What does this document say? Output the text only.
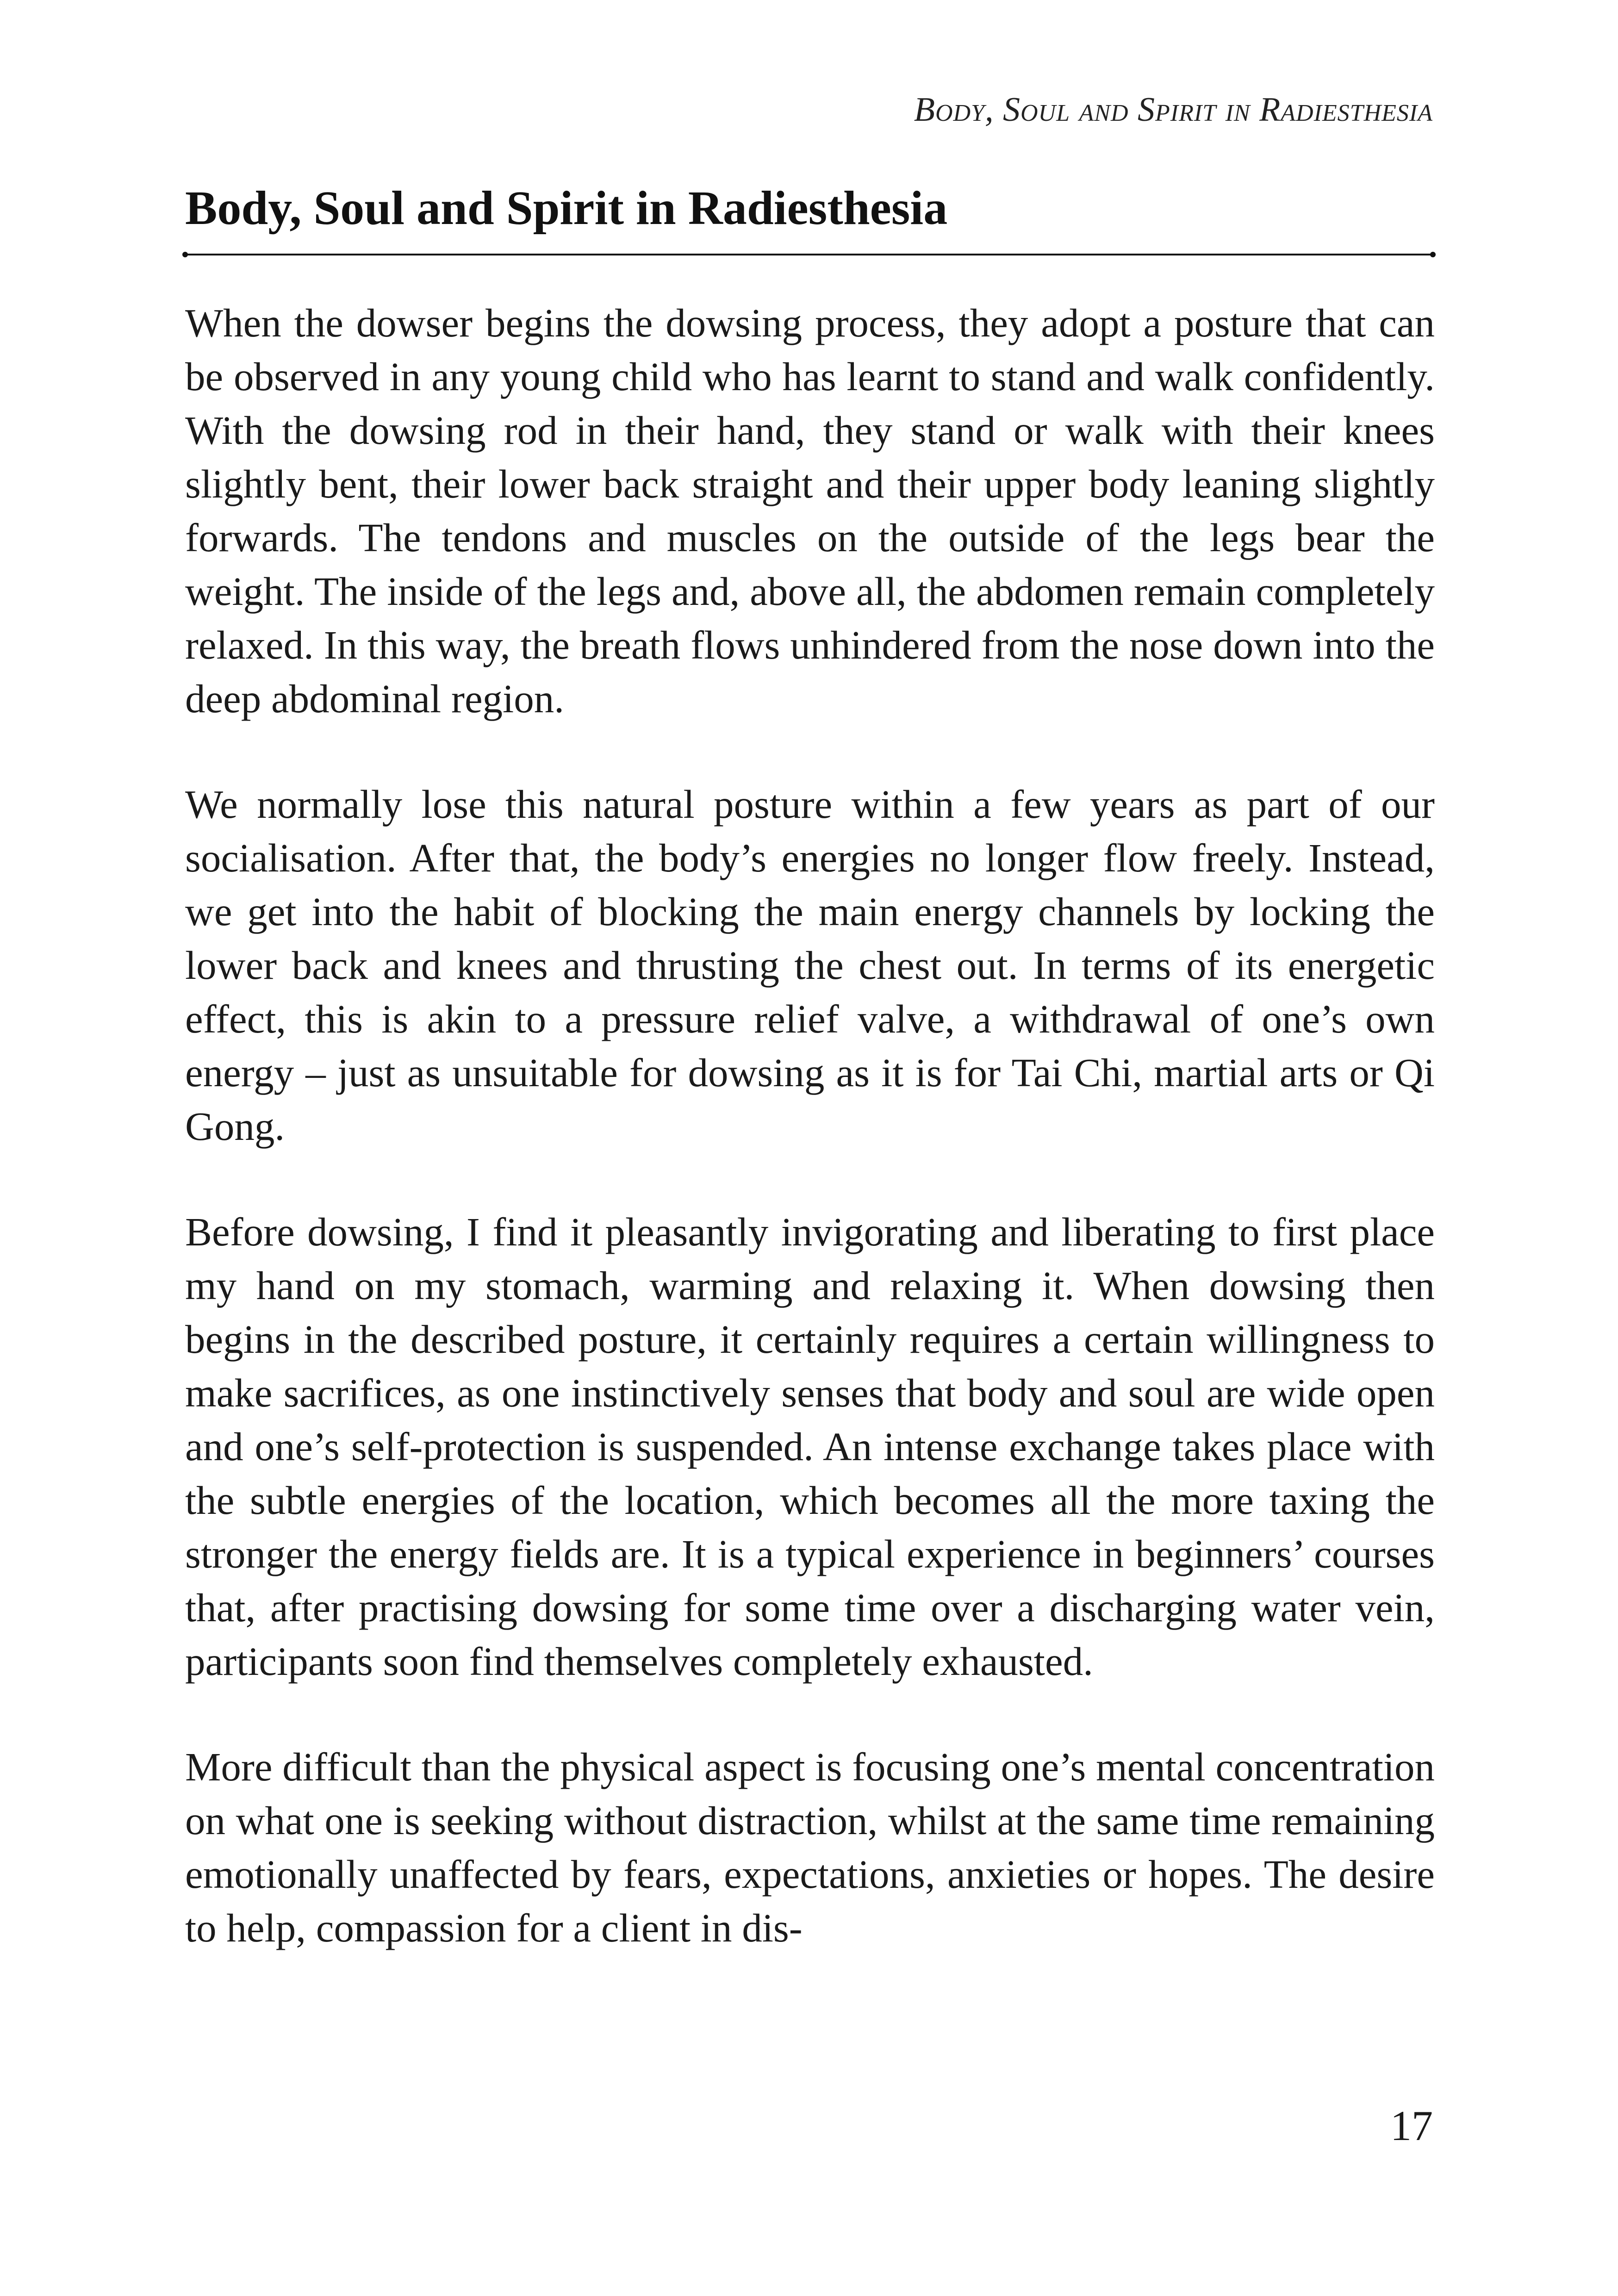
Body, Soul and Spirit in Radiesthesia
Body, Soul and Spirit in Radiesthesia

When the dowser begins the dowsing process, they adopt a posture that can be observed in any young child who has learnt to stand and walk confidently. With the dowsing rod in their hand, they stand or walk with their knees slightly bent, their lower back straight and their upper body leaning slightly forwards. The tendons and muscles on the outside of the legs bear the weight. The inside of the legs and, above all, the abdomen remain completely relaxed. In this way, the breath flows unhindered from the nose down into the deep abdominal region.

We normally lose this natural posture within a few years as part of our socialisation. After that, the body’s energies no longer flow freely. Instead, we get into the habit of blocking the main energy channels by locking the lower back and knees and thrusting the chest out. In terms of its energetic effect, this is akin to a pressure relief valve, a withdrawal of one’s own energy – just as unsuitable for dowsing as it is for Tai Chi, martial arts or Qi Gong.

Before dowsing, I find it pleasantly invigorating and liberating to first place my hand on my stomach, warming and relaxing it. When dowsing then begins in the described posture, it certainly requires a certain willingness to make sacrifices, as one instinctively senses that body and soul are wide open and one’s self-protection is suspended. An intense exchange takes place with the subtle energies of the location, which becomes all the more taxing the stronger the energy fields are. It is a typical experience in beginners’ courses that, after practising dowsing for some time over a discharging water vein, participants soon find themselves completely exhausted.

More difficult than the physical aspect is focusing one’s mental concentration on what one is seeking without distraction, whilst at the same time remaining emotionally unaffected by fears, expectations, anxieties or hopes. The desire to help, compassion for a client in dis-

17
